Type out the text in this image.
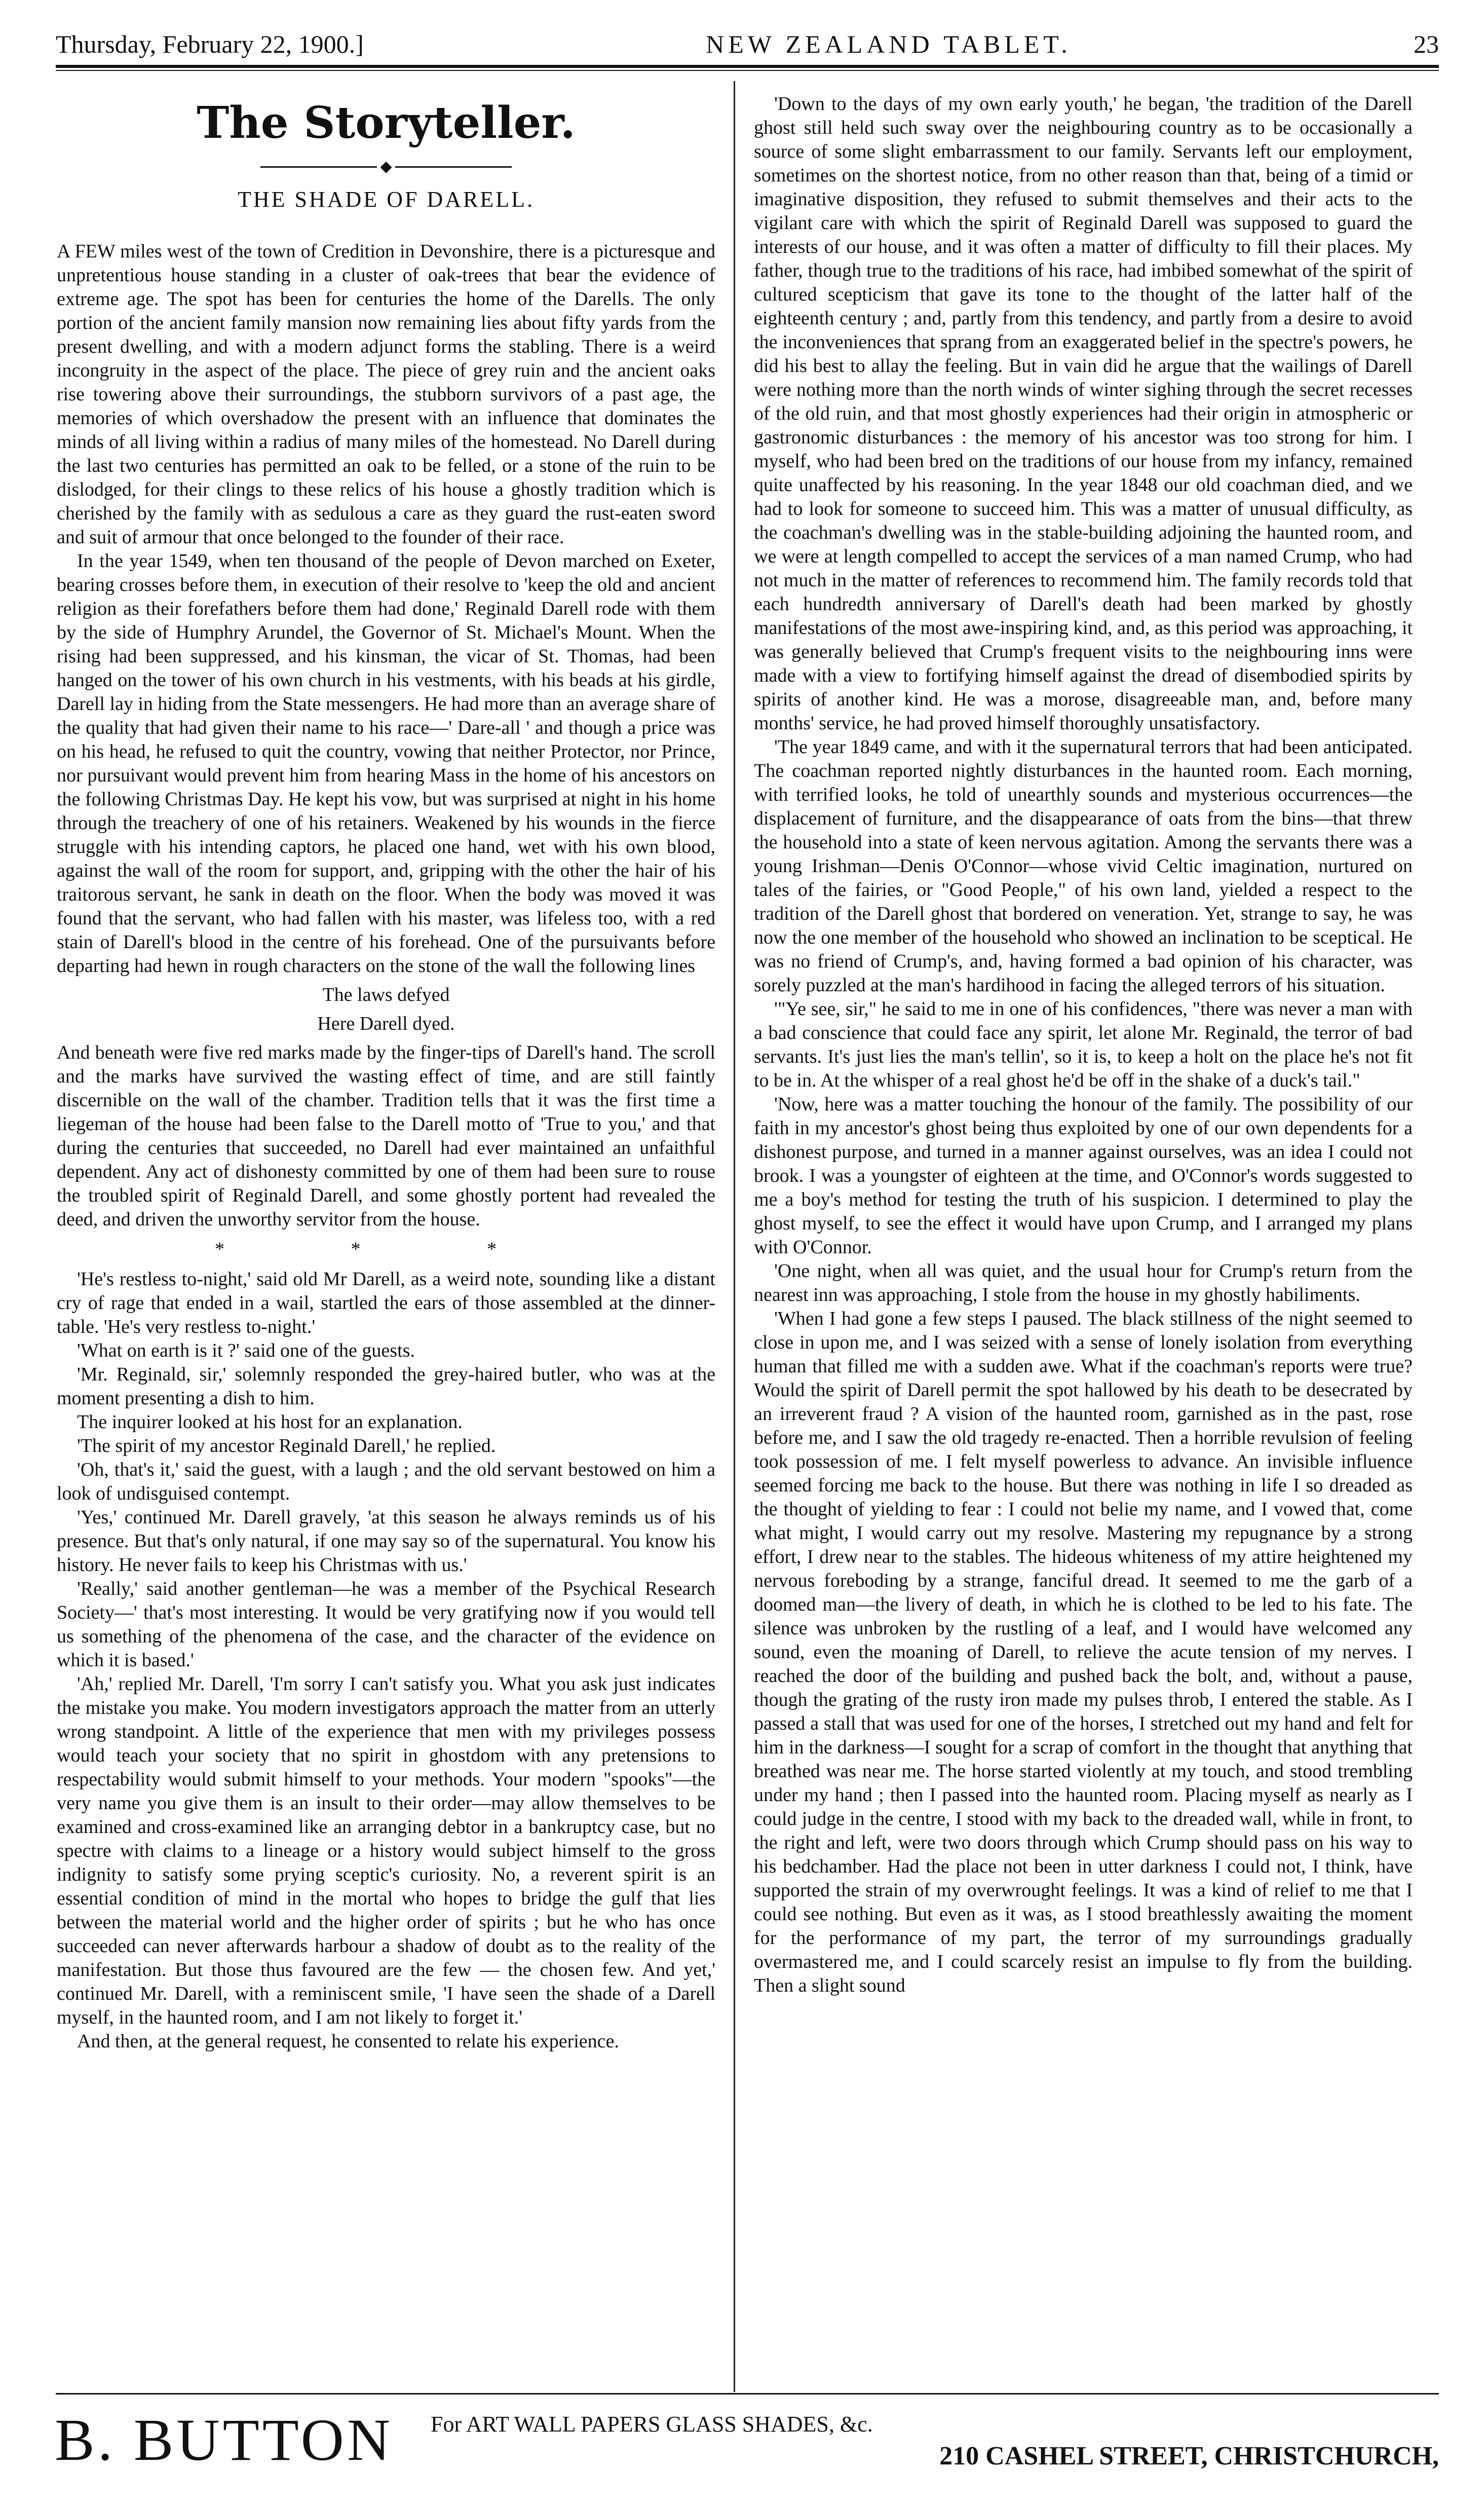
Thursday, February 22, 1900.]	NEW ZEALAND TABLET.	23
The Storyteller.
◆
THE SHADE OF DARELL.

A FEW miles west of the town of Credition in Devonshire, there is a picturesque and unpretentious house standing in a cluster of oak-trees that bear the evidence of extreme age. The spot has been for centuries the home of the Darells. The only portion of the ancient family mansion now remaining lies about fifty yards from the present dwelling, and with a modern adjunct forms the stabling. There is a weird incongruity in the aspect of the place. The piece of grey ruin and the ancient oaks rise towering above their surroundings, the stubborn survivors of a past age, the memories of which overshadow the present with an influence that dominates the minds of all living within a radius of many miles of the homestead. No Darell during the last two centuries has permitted an oak to be felled, or a stone of the ruin to be dislodged, for their clings to these relics of his house a ghostly tradition which is cherished by the family with as sedulous a care as they guard the rust-eaten sword and suit of armour that once belonged to the founder of their race.

In the year 1549, when ten thousand of the people of Devon marched on Exeter, bearing crosses before them, in execution of their resolve to 'keep the old and ancient religion as their forefathers before them had done,' Reginald Darell rode with them by the side of Humphry Arundel, the Governor of St. Michael's Mount. When the rising had been suppressed, and his kinsman, the vicar of St. Thomas, had been hanged on the tower of his own church in his vestments, with his beads at his girdle, Darell lay in hiding from the State messengers. He had more than an average share of the quality that had given their name to his race—' Dare-all ' and though a price was on his head, he refused to quit the country, vowing that neither Protector, nor Prince, nor pursuivant would prevent him from hearing Mass in the home of his ancestors on the following Christmas Day. He kept his vow, but was surprised at night in his home through the treachery of one of his retainers. Weakened by his wounds in the fierce struggle with his intending captors, he placed one hand, wet with his own blood, against the wall of the room for support, and, gripping with the other the hair of his traitorous servant, he sank in death on the floor. When the body was moved it was found that the servant, who had fallen with his master, was lifeless too, with a red stain of Darell's blood in the centre of his forehead. One of the pursuivants before departing had hewn in rough characters on the stone of the wall the following lines

The laws defyed
Here Darell dyed.

And beneath were five red marks made by the finger-tips of Darell's hand. The scroll and the marks have survived the wasting effect of time, and are still faintly discernible on the wall of the chamber. Tradition tells that it was the first time a liegeman of the house had been false to the Darell motto of 'True to you,' and that during the centuries that succeeded, no Darell had ever maintained an unfaithful dependent. Any act of dishonesty committed by one of them had been sure to rouse the troubled spirit of Reginald Darell, and some ghostly portent had revealed the deed, and driven the unworthy servitor from the house.

* * *

'He's restless to-night,' said old Mr Darell, as a weird note, sounding like a distant cry of rage that ended in a wail, startled the ears of those assembled at the dinner-table. 'He's very restless to-night.'

'What on earth is it ?' said one of the guests.

'Mr. Reginald, sir,' solemnly responded the grey-haired butler, who was at the moment presenting a dish to him.

The inquirer looked at his host for an explanation.

'The spirit of my ancestor Reginald Darell,' he replied.

'Oh, that's it,' said the guest, with a laugh ; and the old servant bestowed on him a look of undisguised contempt.

'Yes,' continued Mr. Darell gravely, 'at this season he always reminds us of his presence. But that's only natural, if one may say so of the supernatural. You know his history. He never fails to keep his Christmas with us.'

'Really,' said another gentleman—he was a member of the Psychical Research Society—' that's most interesting. It would be very gratifying now if you would tell us something of the phenomena of the case, and the character of the evidence on which it is based.'

'Ah,' replied Mr. Darell, 'I'm sorry I can't satisfy you. What you ask just indicates the mistake you make. You modern investigators approach the matter from an utterly wrong standpoint. A little of the experience that men with my privileges possess would teach your society that no spirit in ghostdom with any pretensions to respectability would submit himself to your methods. Your modern "spooks"—the very name you give them is an insult to their order—may allow themselves to be examined and cross-examined like an arranging debtor in a bankruptcy case, but no spectre with claims to a lineage or a history would subject himself to the gross indignity to satisfy some prying sceptic's curiosity. No, a reverent spirit is an essential condition of mind in the mortal who hopes to bridge the gulf that lies between the material world and the higher order of spirits ; but he who has once succeeded can never afterwards harbour a shadow of doubt as to the reality of the manifestation. But those thus favoured are the few — the chosen few. And yet,' continued Mr. Darell, with a reminiscent smile, 'I have seen the shade of a Darell myself, in the haunted room, and I am not likely to forget it.'

And then, at the general request, he consented to relate his experience.

'Down to the days of my own early youth,' he began, 'the tradition of the Darell ghost still held such sway over the neighbouring country as to be occasionally a source of some slight embarrassment to our family. Servants left our employment, sometimes on the shortest notice, from no other reason than that, being of a timid or imaginative disposition, they refused to submit themselves and their acts to the vigilant care with which the spirit of Reginald Darell was supposed to guard the interests of our house, and it was often a matter of difficulty to fill their places. My father, though true to the traditions of his race, had imbibed somewhat of the spirit of cultured scepticism that gave its tone to the thought of the latter half of the eighteenth century ; and, partly from this tendency, and partly from a desire to avoid the inconveniences that sprang from an exaggerated belief in the spectre's powers, he did his best to allay the feeling. But in vain did he argue that the wailings of Darell were nothing more than the north winds of winter sighing through the secret recesses of the old ruin, and that most ghostly experiences had their origin in atmospheric or gastronomic disturbances : the memory of his ancestor was too strong for him. I myself, who had been bred on the traditions of our house from my infancy, remained quite unaffected by his reasoning. In the year 1848 our old coachman died, and we had to look for someone to succeed him. This was a matter of unusual difficulty, as the coachman's dwelling was in the stable-building adjoining the haunted room, and we were at length compelled to accept the services of a man named Crump, who had not much in the matter of references to recommend him. The family records told that each hundredth anniversary of Darell's death had been marked by ghostly manifestations of the most awe-inspiring kind, and, as this period was approaching, it was generally believed that Crump's frequent visits to the neighbouring inns were made with a view to fortifying himself against the dread of disembodied spirits by spirits of another kind. He was a morose, disagreeable man, and, before many months' service, he had proved himself thoroughly unsatisfactory.

'The year 1849 came, and with it the supernatural terrors that had been anticipated. The coachman reported nightly disturbances in the haunted room. Each morning, with terrified looks, he told of unearthly sounds and mysterious occurrences—the displacement of furniture, and the disappearance of oats from the bins—that threw the household into a state of keen nervous agitation. Among the servants there was a young Irishman—Denis O'Connor—whose vivid Celtic imagination, nurtured on tales of the fairies, or "Good People," of his own land, yielded a respect to the tradition of the Darell ghost that bordered on veneration. Yet, strange to say, he was now the one member of the household who showed an inclination to be sceptical. He was no friend of Crump's, and, having formed a bad opinion of his character, was sorely puzzled at the man's hardihood in facing the alleged terrors of his situation.

'"Ye see, sir," he said to me in one of his confidences, "there was never a man with a bad conscience that could face any spirit, let alone Mr. Reginald, the terror of bad servants. It's just lies the man's tellin', so it is, to keep a holt on the place he's not fit to be in. At the whisper of a real ghost he'd be off in the shake of a duck's tail."

'Now, here was a matter touching the honour of the family. The possibility of our faith in my ancestor's ghost being thus exploited by one of our own dependents for a dishonest purpose, and turned in a manner against ourselves, was an idea I could not brook. I was a youngster of eighteen at the time, and O'Connor's words suggested to me a boy's method for testing the truth of his suspicion. I determined to play the ghost myself, to see the effect it would have upon Crump, and I arranged my plans with O'Connor.

'One night, when all was quiet, and the usual hour for Crump's return from the nearest inn was approaching, I stole from the house in my ghostly habiliments.

'When I had gone a few steps I paused. The black stillness of the night seemed to close in upon me, and I was seized with a sense of lonely isolation from everything human that filled me with a sudden awe. What if the coachman's reports were true? Would the spirit of Darell permit the spot hallowed by his death to be desecrated by an irreverent fraud ? A vision of the haunted room, garnished as in the past, rose before me, and I saw the old tragedy re-enacted. Then a horrible revulsion of feeling took possession of me. I felt myself powerless to advance. An invisible influence seemed forcing me back to the house. But there was nothing in life I so dreaded as the thought of yielding to fear : I could not belie my name, and I vowed that, come what might, I would carry out my resolve. Mastering my repugnance by a strong effort, I drew near to the stables. The hideous whiteness of my attire heightened my nervous foreboding by a strange, fanciful dread. It seemed to me the garb of a doomed man—the livery of death, in which he is clothed to be led to his fate. The silence was unbroken by the rustling of a leaf, and I would have welcomed any sound, even the moaning of Darell, to relieve the acute tension of my nerves. I reached the door of the building and pushed back the bolt, and, without a pause, though the grating of the rusty iron made my pulses throb, I entered the stable. As I passed a stall that was used for one of the horses, I stretched out my hand and felt for him in the darkness—I sought for a scrap of comfort in the thought that anything that breathed was near me. The horse started violently at my touch, and stood trembling under my hand ; then I passed into the haunted room. Placing myself as nearly as I could judge in the centre, I stood with my back to the dreaded wall, while in front, to the right and left, were two doors through which Crump should pass on his way to his bedchamber. Had the place not been in utter darkness I could not, I think, have supported the strain of my overwrought feelings. It was a kind of relief to me that I could see nothing. But even as it was, as I stood breathlessly awaiting the moment for the performance of my part, the terror of my surroundings gradually overmastered me, and I could scarcely resist an impulse to fly from the building. Then a slight sound

B. BUTTON	For ART WALL PAPERS GLASS SHADES, &c.
210 CASHEL STREET, CHRISTCHURCH,
